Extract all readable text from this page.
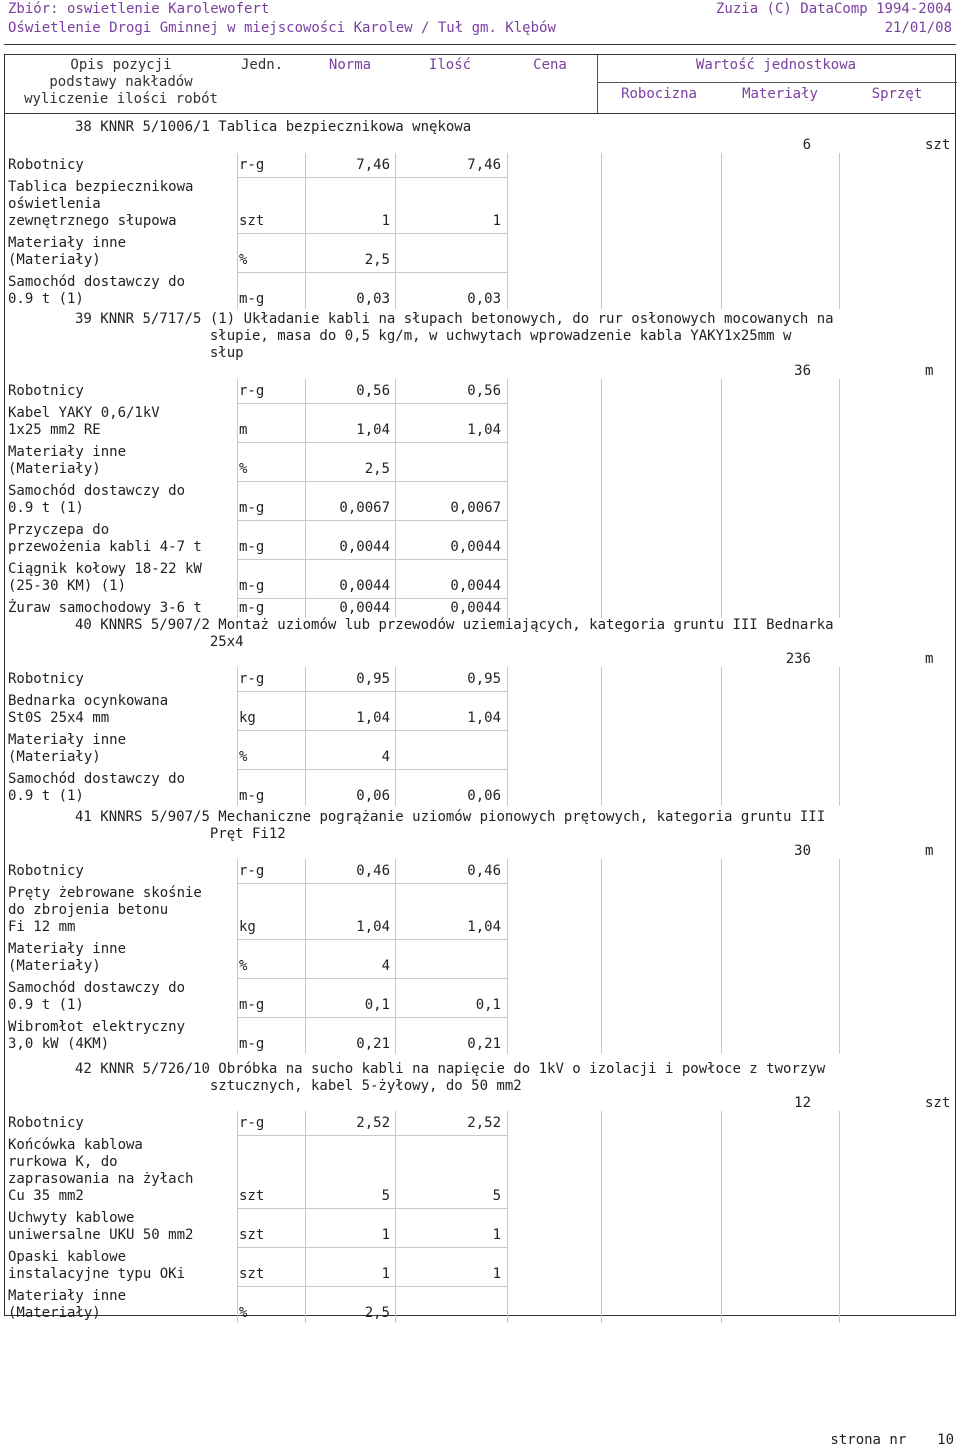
Zbiór: oswietlenie Karolewofert	Zuzia (C) DataComp 1994-2004
Oświetlenie Drogi Gminnej w miejscowości Karolew / Tuł gm. Klębów	21/01/08
Opis pozycji
podstawy nakładów
wyliczenie ilości robót
Jedn.	Norma	Ilość	Cena	Wartość jednostkowa
Robocizna	Materiały	Sprzęt
38 KNNR 5/1006/1 Tablica bezpiecznikowa wnękowa
6	szt
Robotnicy	r-g	7,46	7,46
Tablica bezpiecznikowa
oświetlenia
zewnętrznego słupowa	szt	1	1
Materiały inne
(Materiały)	%	2,5
Samochód dostawczy do
0.9 t (1)	m-g	0,03	0,03
39 KNNR 5/717/5 (1) Układanie kabli na słupach betonowych, do rur osłonowych mocowanych na
słupie, masa do 0,5 kg/m, w uchwytach wprowadzenie kabla YAKY1x25mm w
słup
36	m
Robotnicy	r-g	0,56	0,56
Kabel YAKY 0,6/1kV
1x25 mm2 RE	m	1,04	1,04
Materiały inne
(Materiały)	%	2,5
Samochód dostawczy do
0.9 t (1)	m-g	0,0067	0,0067
Przyczepa do
przewożenia kabli 4-7 t	m-g	0,0044	0,0044
Ciągnik kołowy 18-22 kW
(25-30 KM) (1)	m-g	0,0044	0,0044
Żuraw samochodowy 3-6 t	m-g	0,0044	0,0044
40 KNNRS 5/907/2 Montaż uziomów lub przewodów uziemiających, kategoria gruntu III Bednarka
25x4
236	m
Robotnicy	r-g	0,95	0,95
Bednarka ocynkowana
St0S 25x4 mm	kg	1,04	1,04
Materiały inne
(Materiały)	%	4
Samochód dostawczy do
0.9 t (1)	m-g	0,06	0,06
41 KNNRS 5/907/5 Mechaniczne pogrążanie uziomów pionowych prętowych, kategoria gruntu III
Pręt Fi12
30	m
Robotnicy	r-g	0,46	0,46
Pręty żebrowane skośnie
do zbrojenia betonu
Fi 12 mm	kg	1,04	1,04
Materiały inne
(Materiały)	%	4
Samochód dostawczy do
0.9 t (1)	m-g	0,1	0,1
Wibromłot elektryczny
3,0 kW (4KM)	m-g	0,21	0,21
42 KNNR 5/726/10 Obróbka na sucho kabli na napięcie do 1kV o izolacji i powłoce z tworzyw
sztucznych, kabel 5-żyłowy, do 50 mm2
12	szt
Robotnicy	r-g	2,52	2,52
Końcówka kablowa
rurkowa K, do
zaprasowania na żyłach
Cu 35 mm2	szt	5	5
Uchwyty kablowe
uniwersalne UKU 50 mm2	szt	1	1
Opaski kablowe
instalacyjne typu OKi	szt	1	1
Materiały inne
(Materiały)	%	2,5
strona nr 10
